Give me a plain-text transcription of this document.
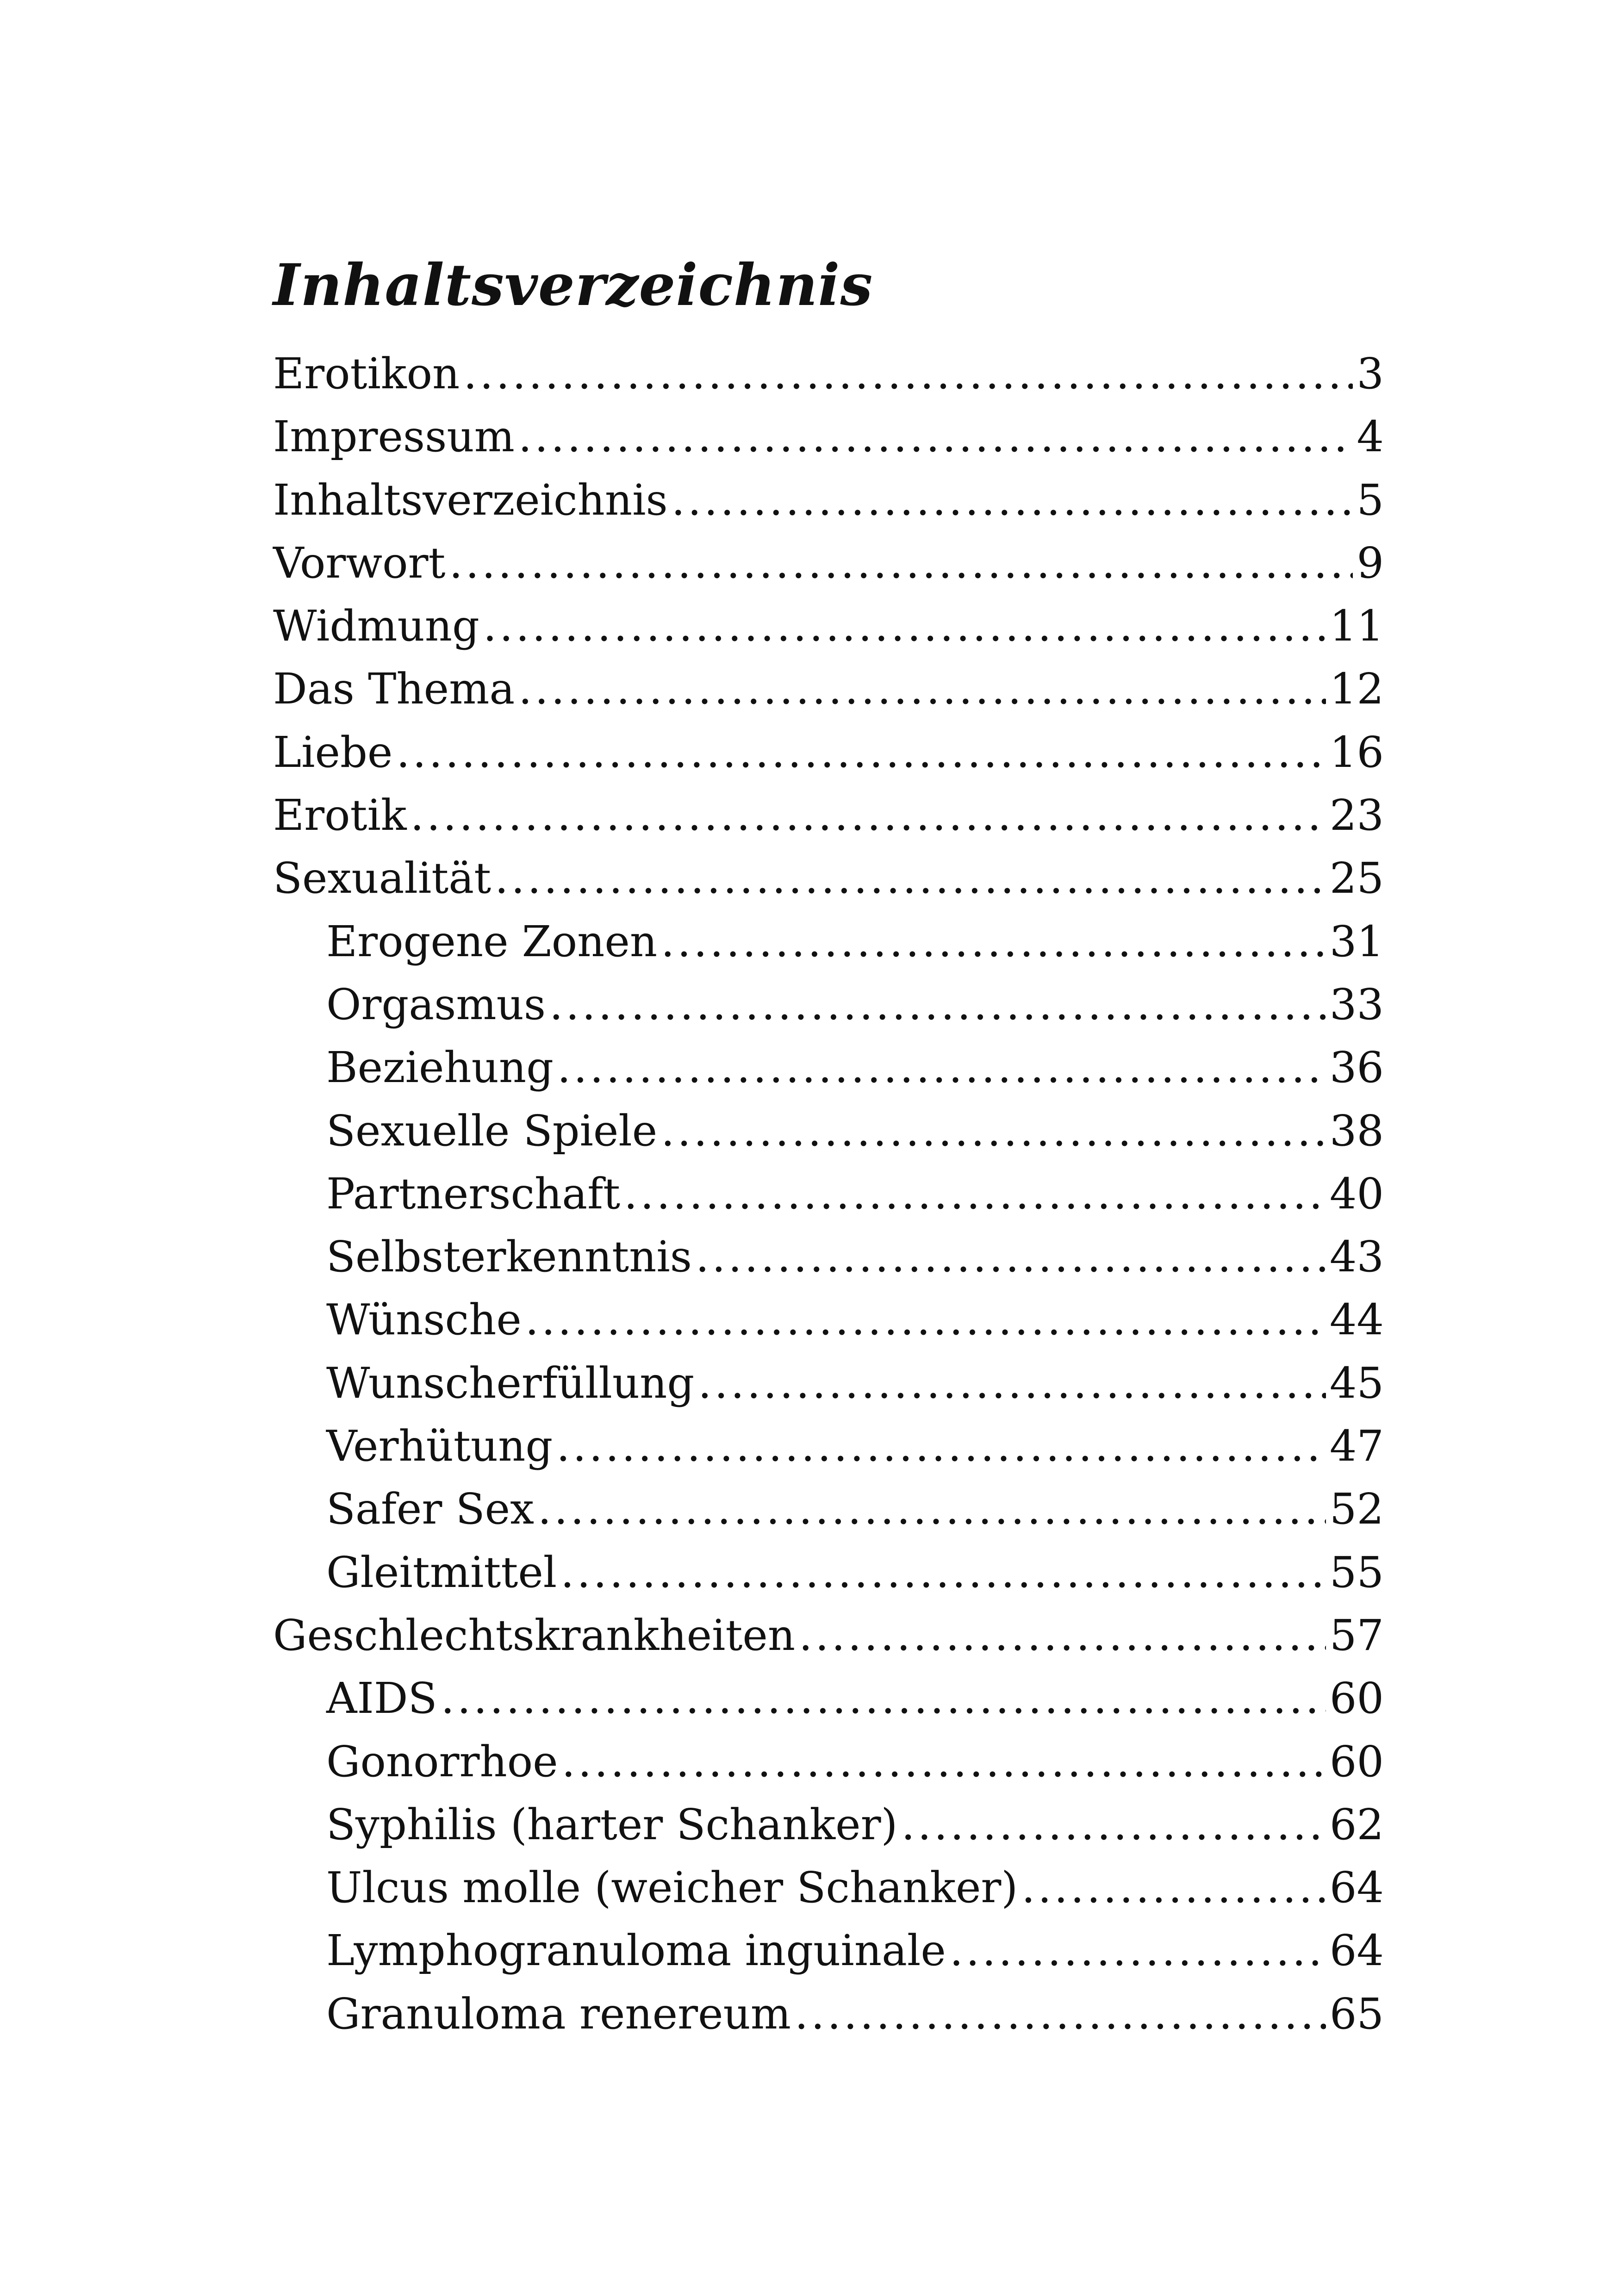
Inhaltsverzeichnis
Erotikon .....	3
Impressum .....	4
Inhaltsverzeichnis .....	5
Vorwort .....	9
Widmung .....	11
Das Thema .....	12
Liebe .....	16
Erotik .....	23
Sexualität .....	25
Erogene Zonen .....	31
Orgasmus .....	33
Beziehung .....	36
Sexuelle Spiele .....	38
Partnerschaft .....	40
Selbsterkenntnis .....	43
Wünsche .....	44
Wunscherfüllung .....	45
Verhütung .....	47
Safer Sex .....	52
Gleitmittel .....	55
Geschlechtskrankheiten .....	57
AIDS .....	60
Gonorrhoe .....	60
Syphilis (harter Schanker) .....	62
Ulcus molle (weicher Schanker) .....	64
Lymphogranuloma inguinale .....	64
Granuloma renereum .....	65
